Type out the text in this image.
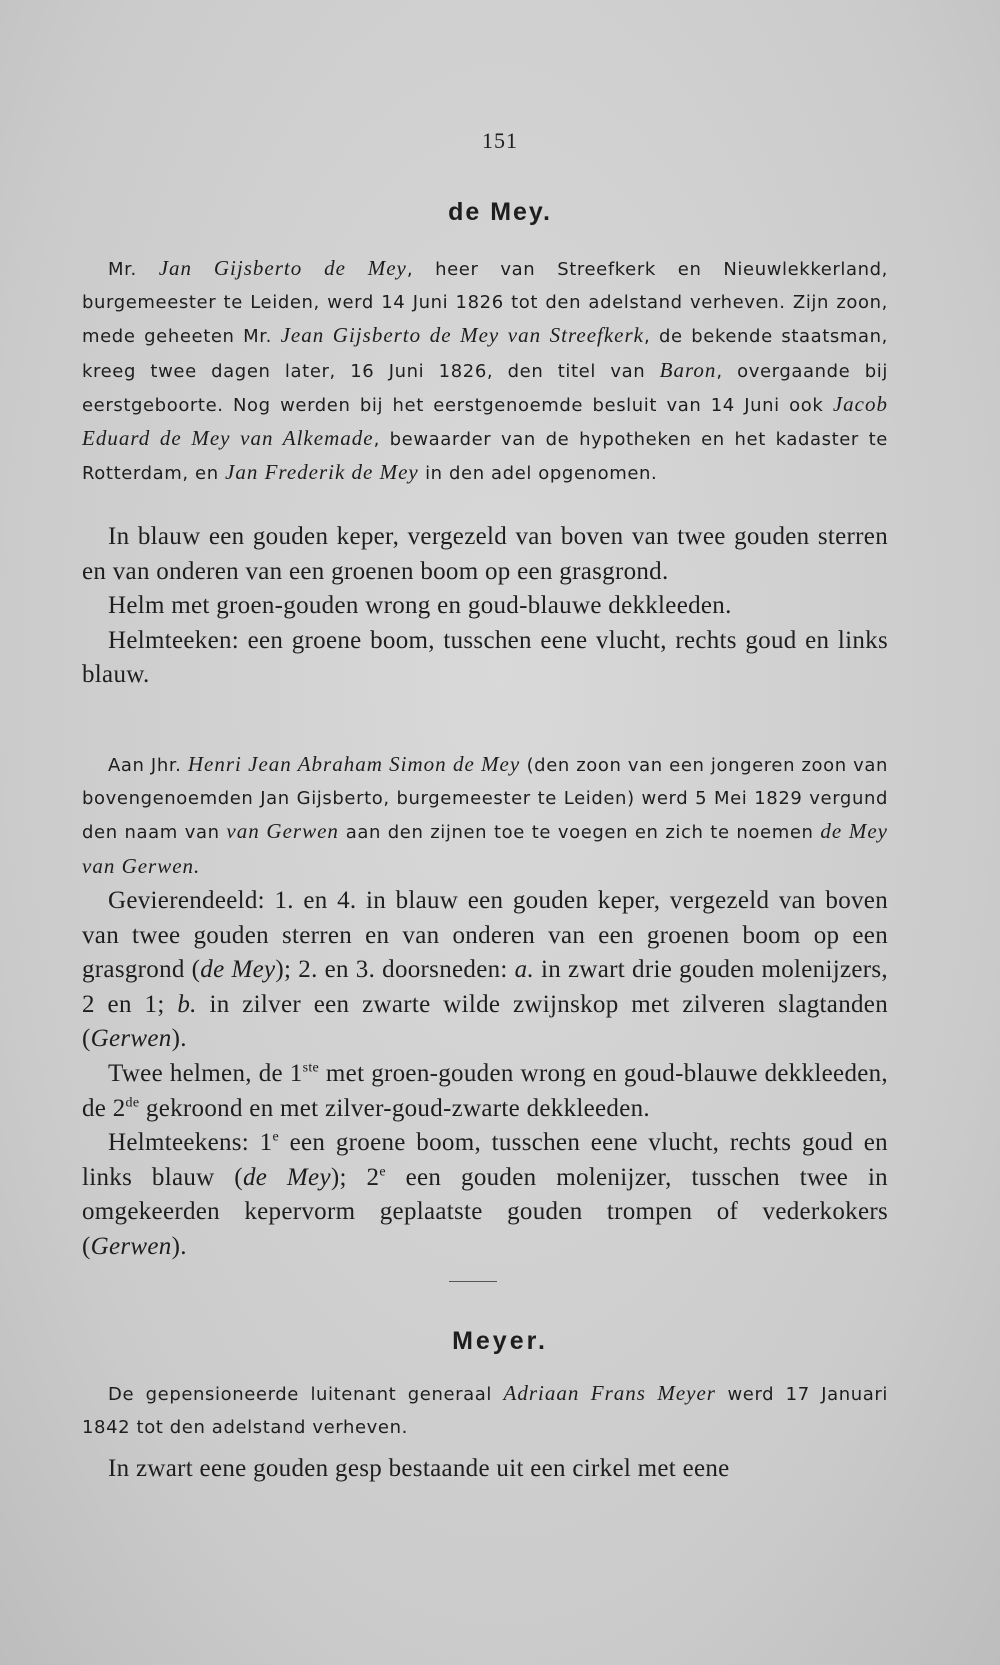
151
de Mey.

Mr. Jan Gijsberto de Mey, heer van Streefkerk en Nieuwlekkerland, burgemeester te Leiden, werd 14 Juni 1826 tot den adelstand verheven. Zijn zoon, mede geheeten Mr. Jean Gijsberto de Mey van Streefkerk, de bekende staatsman, kreeg twee dagen later, 16 Juni 1826, den titel van Baron, overgaande bij eerstgeboorte. Nog werden bij het eerstgenoemde besluit van 14 Juni ook Jacob Eduard de Mey van Alkemade, bewaarder van de hypotheken en het kadaster te Rotterdam, en Jan Frederik de Mey in den adel opgenomen.

In blauw een gouden keper, vergezeld van boven van twee gouden sterren en van onderen van een groenen boom op een grasgrond.

Helm met groen-gouden wrong en goud-blauwe dekkleeden.

Helmteeken: een groene boom, tusschen eene vlucht, rechts goud en links blauw.

Aan Jhr. Henri Jean Abraham Simon de Mey (den zoon van een jongeren zoon van bovengenoemden Jan Gijsberto, burgemeester te Leiden) werd 5 Mei 1829 vergund den naam van van Gerwen aan den zijnen toe te voegen en zich te noemen de Mey van Gerwen.

Gevierendeeld: 1. en 4. in blauw een gouden keper, vergezeld van boven van twee gouden sterren en van onderen van een groenen boom op een grasgrond (de Mey); 2. en 3. doorsneden: a. in zwart drie gouden molenijzers, 2 en 1; b. in zilver een zwarte wilde zwijnskop met zilveren slagtanden (Gerwen).

Twee helmen, de 1ste met groen-gouden wrong en goud-blauwe dekkleeden, de 2de gekroond en met zilver-goud-zwarte dekkleeden.

Helmteekens: 1e een groene boom, tusschen eene vlucht, rechts goud en links blauw (de Mey); 2e een gouden molenijzer, tusschen twee in omgekeerden kepervorm geplaatste gouden trompen of vederkokers (Gerwen).

Meyer.

De gepensioneerde luitenant generaal Adriaan Frans Meyer werd 17 Januari 1842 tot den adelstand verheven.

In zwart eene gouden gesp bestaande uit een cirkel met eene
